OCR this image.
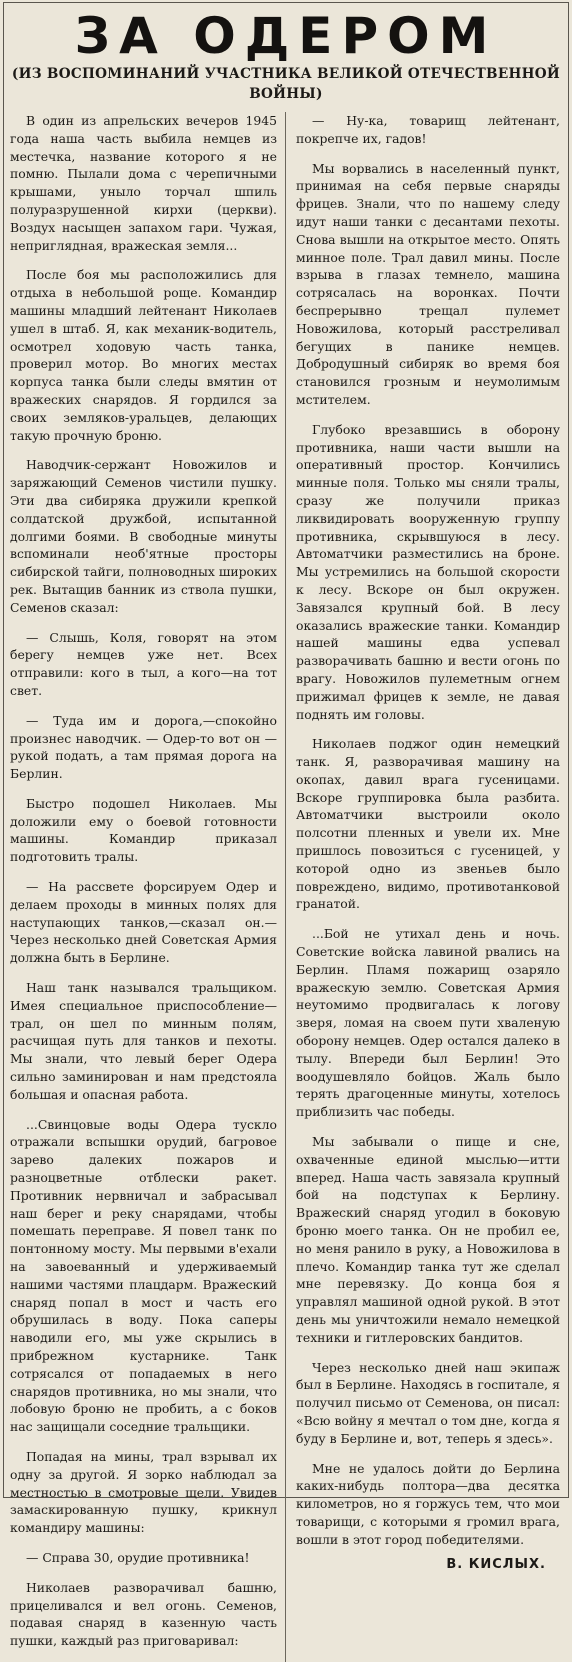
ЗА ОДЕРОМ
(ИЗ ВОСПОМИНАНИЙ УЧАСТНИКА ВЕЛИКОЙ ОТЕЧЕСТВЕННОЙ ВОЙНЫ)

В один из апрельских вечеров 1945 года наша часть выбила немцев из местечка, название которого я не помню. Пылали дома с черепичными крышами, уныло торчал шпиль полуразрушенной кирхи (церкви). Воздух насыщен запахом гари. Чужая, неприглядная, вражеская земля...

После боя мы расположились для отдыха в небольшой роще. Командир машины младший лейтенант Николаев ушел в штаб. Я, как механик-водитель, осмотрел ходовую часть танка, проверил мотор. Во многих местах корпуса танка были следы вмятин от вражеских снарядов. Я гордился за своих земляков-уральцев, делающих такую прочную броню.

Наводчик-сержант Новожилов и заряжающий Семенов чистили пушку. Эти два сибиряка дружили крепкой солдатской дружбой, испытанной долгими боями. В свободные минуты вспоминали необ'ятные просторы сибирской тайги, полноводных широких рек. Вытащив банник из ствола пушки, Семенов сказал:

— Слышь, Коля, говорят на этом берегу немцев уже нет. Всех отправили: кого в тыл, а кого—на тот свет.

— Туда им и дорога,—спокойно произнес наводчик. — Одер-то вот он —рукой подать, а там прямая дорога на Берлин.

Быстро подошел Николаев. Мы доложили ему о боевой готовности машины. Командир приказал подготовить тралы.

— На рассвете форсируем Одер и делаем проходы в минных полях для наступающих танков,—сказал он.— Через несколько дней Советская Армия должна быть в Берлине.

Наш танк назывался тральщиком. Имея специальное приспособление—трал, он шел по минным полям, расчищая путь для танков и пехоты. Мы знали, что левый берег Одера сильно заминирован и нам предстояла большая и опасная работа.

...Свинцовые воды Одера тускло отражали вспышки орудий, багровое зарево далеких пожаров и разноцветные отблески ракет. Противник нервничал и забрасывал наш берег и реку снарядами, чтобы помешать переправе. Я повел танк по понтонному мосту. Мы первыми в'ехали на завоеванный и удерживаемый нашими частями плацдарм. Вражеский снаряд попал в мост и часть его обрушилась в воду. Пока саперы наводили его, мы уже скрылись в прибрежном кустарнике. Танк сотрясался от попадаемых в него снарядов противника, но мы знали, что лобовую броню не пробить, а с боков нас защищали соседние тральщики.

Попадая на мины, трал взрывал их одну за другой. Я зорко наблюдал за местностью в смотровые щели. Увидев замаскированную пушку, крикнул командиру машины:

— Справа 30, орудие противника!

Николаев разворачивал башню, прицеливался и вел огонь. Семенов, подавая снаряд в казенную часть пушки, каждый раз приговаривал:

— Ну-ка, товарищ лейтенант, покрепче их, гадов!

Мы ворвались в населенный пункт, принимая на себя первые снаряды фрицев. Знали, что по нашему следу идут наши танки с десантами пехоты. Снова вышли на открытое место. Опять минное поле. Трал давил мины. После взрыва в глазах темнело, машина сотрясалась на воронках. Почти беспрерывно трещал пулемет Новожилова, который расстреливал бегущих в панике немцев. Добродушный сибиряк во время боя становился грозным и неумолимым мстителем.

Глубоко врезавшись в оборону противника, наши части вышли на оперативный простор. Кончились минные поля. Только мы сняли тралы, сразу же получили приказ ликвидировать вооруженную группу противника, скрывшуюся в лесу. Автоматчики разместились на броне. Мы устремились на большой скорости к лесу. Вскоре он был окружен. Завязался крупный бой. В лесу оказались вражеские танки. Командир нашей машины едва успевал разворачивать башню и вести огонь по врагу. Новожилов пулеметным огнем прижимал фрицев к земле, не давая поднять им головы.

Николаев поджог один немецкий танк. Я, разворачивая машину на окопах, давил врага гусеницами. Вскоре группировка была разбита. Автоматчики выстроили около полсотни пленных и увели их. Мне пришлось повозиться с гусеницей, у которой одно из звеньев было повреждено, видимо, противотанковой гранатой.

...Бой не утихал день и ночь. Советские войска лавиной рвались на Берлин. Пламя пожарищ озаряло вражескую землю. Советская Армия неутомимо продвигалась к логову зверя, ломая на своем пути хваленую оборону немцев. Одер остался далеко в тылу. Впереди был Берлин! Это воодушевляло бойцов. Жаль было терять драгоценные минуты, хотелось приблизить час победы.

Мы забывали о пище и сне, охваченные единой мыслью—итти вперед. Наша часть завязала крупный бой на подступах к Берлину. Вражеский снаряд угодил в боковую броню моего танка. Он не пробил ее, но меня ранило в руку, а Новожилова в плечо. Командир танка тут же сделал мне перевязку. До конца боя я управлял машиной одной рукой. В этот день мы уничтожили немало немецкой техники и гитлеровских бандитов.

Через несколько дней наш экипаж был в Берлине. Находясь в госпитале, я получил письмо от Семенова, он писал: «Всю войну я мечтал о том дне, когда я буду в Берлине и, вот, теперь я здесь».

Мне не удалось дойти до Берлина каких-нибудь полтора—два десятка километров, но я горжусь тем, что мои товарищи, с которыми я громил врага, вошли в этот город победителями.

В. КИСЛЫХ.
